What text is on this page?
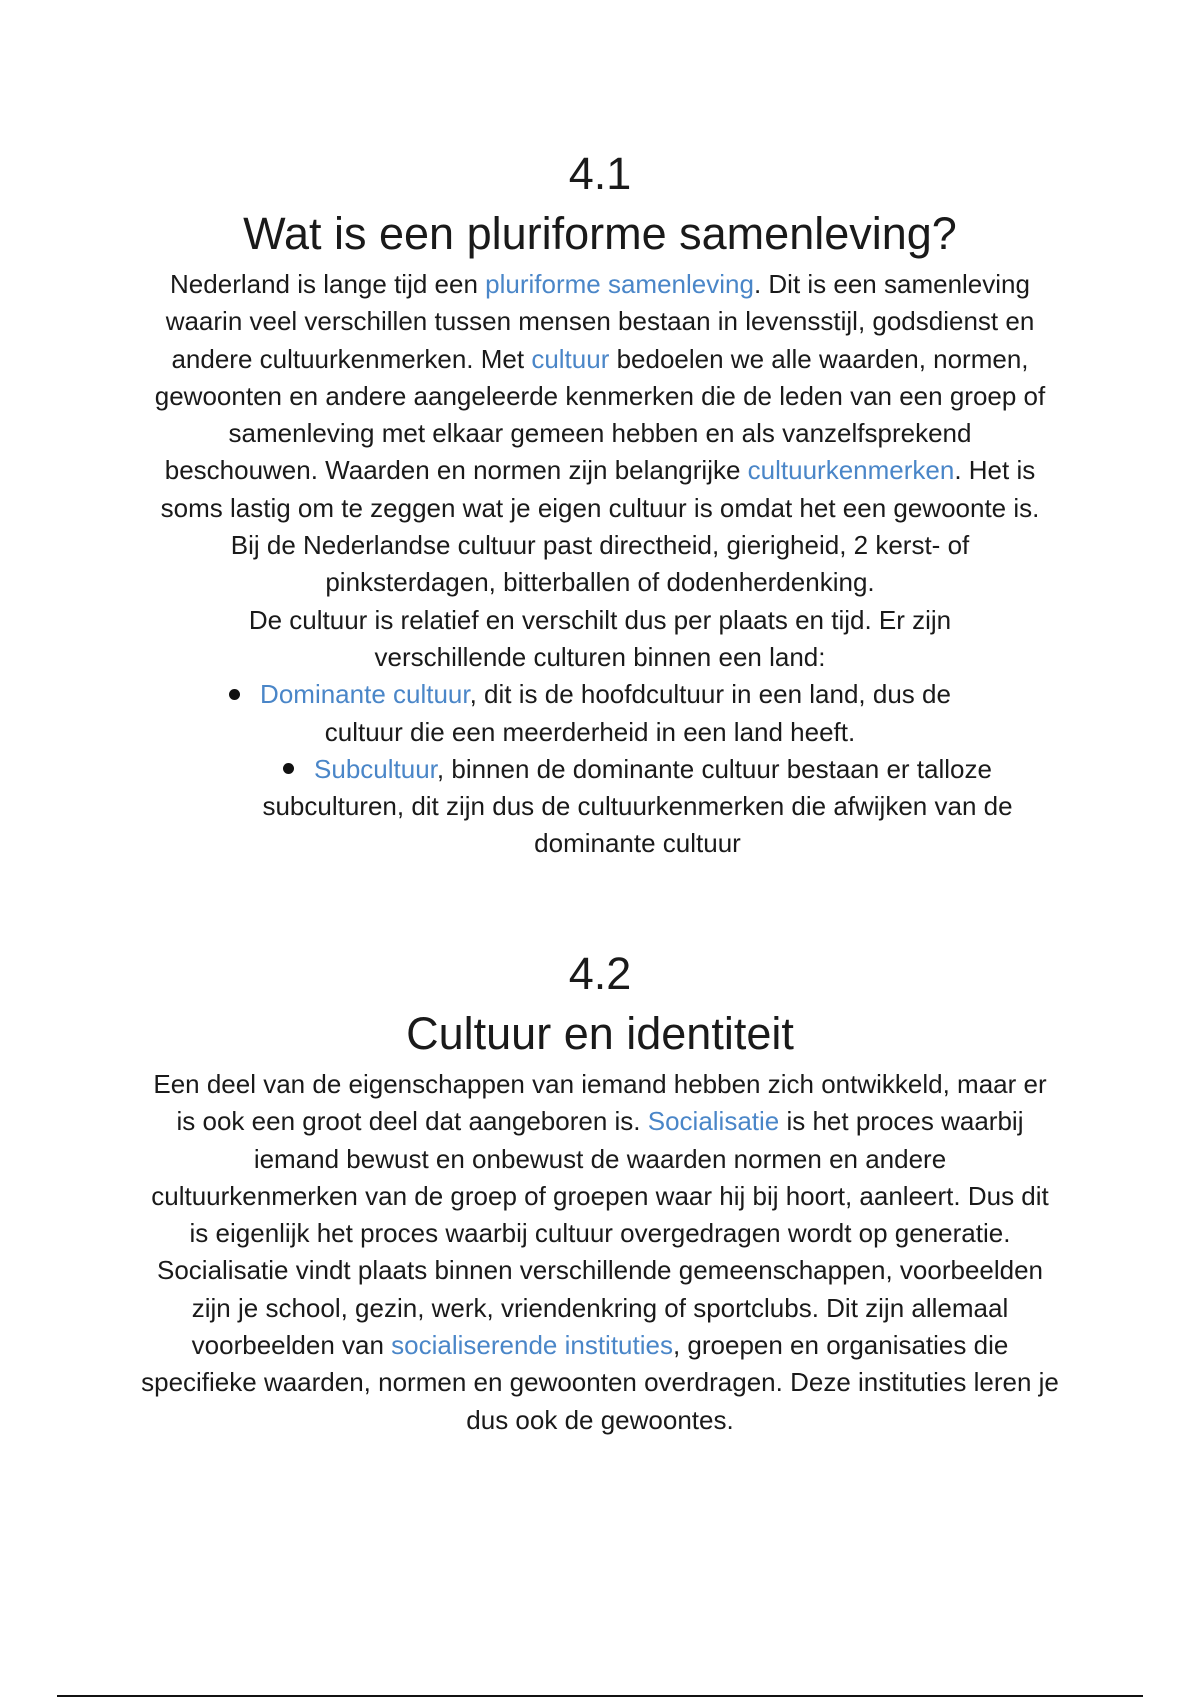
4.1
Wat is een pluriforme samenleving?

Nederland is lange tijd een pluriforme samenleving. Dit is een samenleving waarin veel verschillen tussen mensen bestaan in levensstijl, godsdienst en andere cultuurkenmerken. Met cultuur bedoelen we alle waarden, normen, gewoonten en andere aangeleerde kenmerken die de leden van een groep of samenleving met elkaar gemeen hebben en als vanzelfsprekend beschouwen. Waarden en normen zijn belangrijke cultuurkenmerken. Het is soms lastig om te zeggen wat je eigen cultuur is omdat het een gewoonte is. Bij de Nederlandse cultuur past directheid, gierigheid, 2 kerst- of pinksterdagen, bitterballen of dodenherdenking.

De cultuur is relatief en verschilt dus per plaats en tijd. Er zijn verschillende culturen binnen een land:

Dominante cultuur, dit is de hoofdcultuur in een land, dus de cultuur die een meerderheid in een land heeft.
Subcultuur, binnen de dominante cultuur bestaan er talloze subculturen, dit zijn dus de cultuurkenmerken die afwijken van de dominante cultuur
4.2
Cultuur en identiteit

Een deel van de eigenschappen van iemand hebben zich ontwikkeld, maar er is ook een groot deel dat aangeboren is. Socialisatie is het proces waarbij iemand bewust en onbewust de waarden normen en andere cultuurkenmerken van de groep of groepen waar hij bij hoort, aanleert. Dus dit is eigenlijk het proces waarbij cultuur overgedragen wordt op generatie.

Socialisatie vindt plaats binnen verschillende gemeenschappen, voorbeelden zijn je school, gezin, werk, vriendenkring of sportclubs. Dit zijn allemaal voorbeelden van socialiserende instituties, groepen en organisaties die specifieke waarden, normen en gewoonten overdragen. Deze instituties leren je dus ook de gewoontes.
